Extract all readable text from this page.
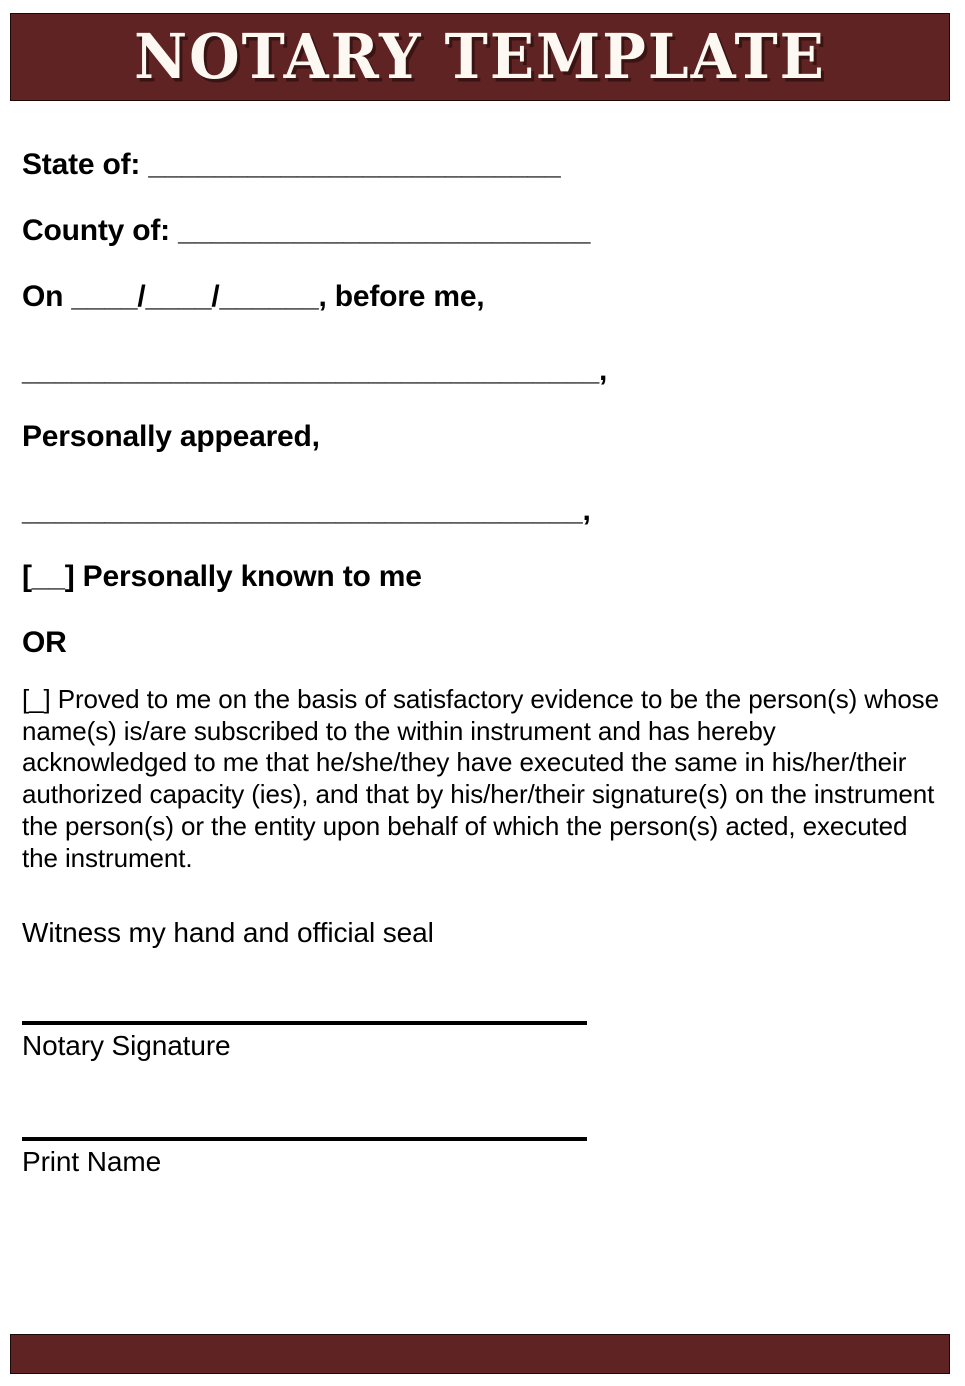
NOTARY TEMPLATE
State of: _________________________
County of: _________________________
On ____/____/______, before me,
___________________________________,
Personally appeared,
__________________________________,
[__] Personally known to me
OR
[_] Proved to me on the basis of satisfactory evidence to be the person(s) whose name(s) is/are subscribed to the within instrument and has hereby acknowledged to me that he/she/they have executed the same in his/her/their authorized capacity (ies), and that by his/her/their signature(s) on the instrument the person(s) or the entity upon behalf of which the person(s) acted, executed the instrument.
Witness my hand and official seal
Notary Signature
Print Name
